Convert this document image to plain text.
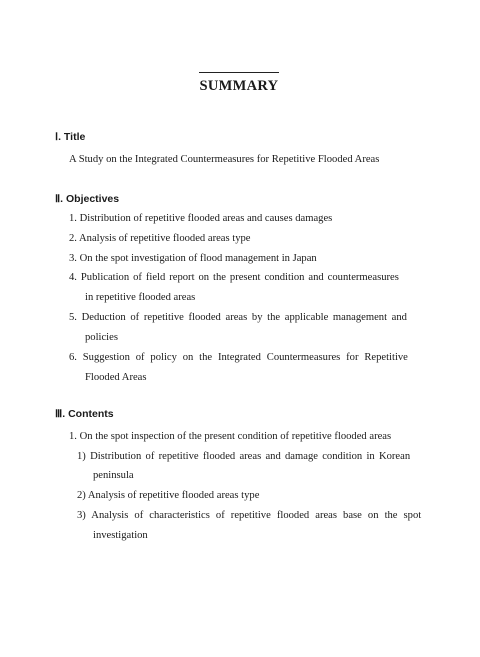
SUMMARY
Ⅰ. Title
A Study on the Integrated Countermeasures for Repetitive Flooded Areas
Ⅱ. Objectives
1. Distribution of repetitive flooded areas and causes damages
2. Analysis of repetitive flooded areas type
3. On the spot investigation of flood management in Japan
4. Publication of field report on the present condition and countermeasures
in repetitive flooded areas
5. Deduction of repetitive flooded areas by the applicable management and
policies
6. Suggestion of policy on the Integrated Countermeasures for Repetitive
Flooded Areas
Ⅲ. Contents
1. On the spot inspection of the present condition of repetitive flooded areas
1) Distribution of repetitive flooded areas and damage condition in Korean
peninsula
2) Analysis of repetitive flooded areas type
3) Analysis of characteristics of repetitive flooded areas base on the spot
investigation
